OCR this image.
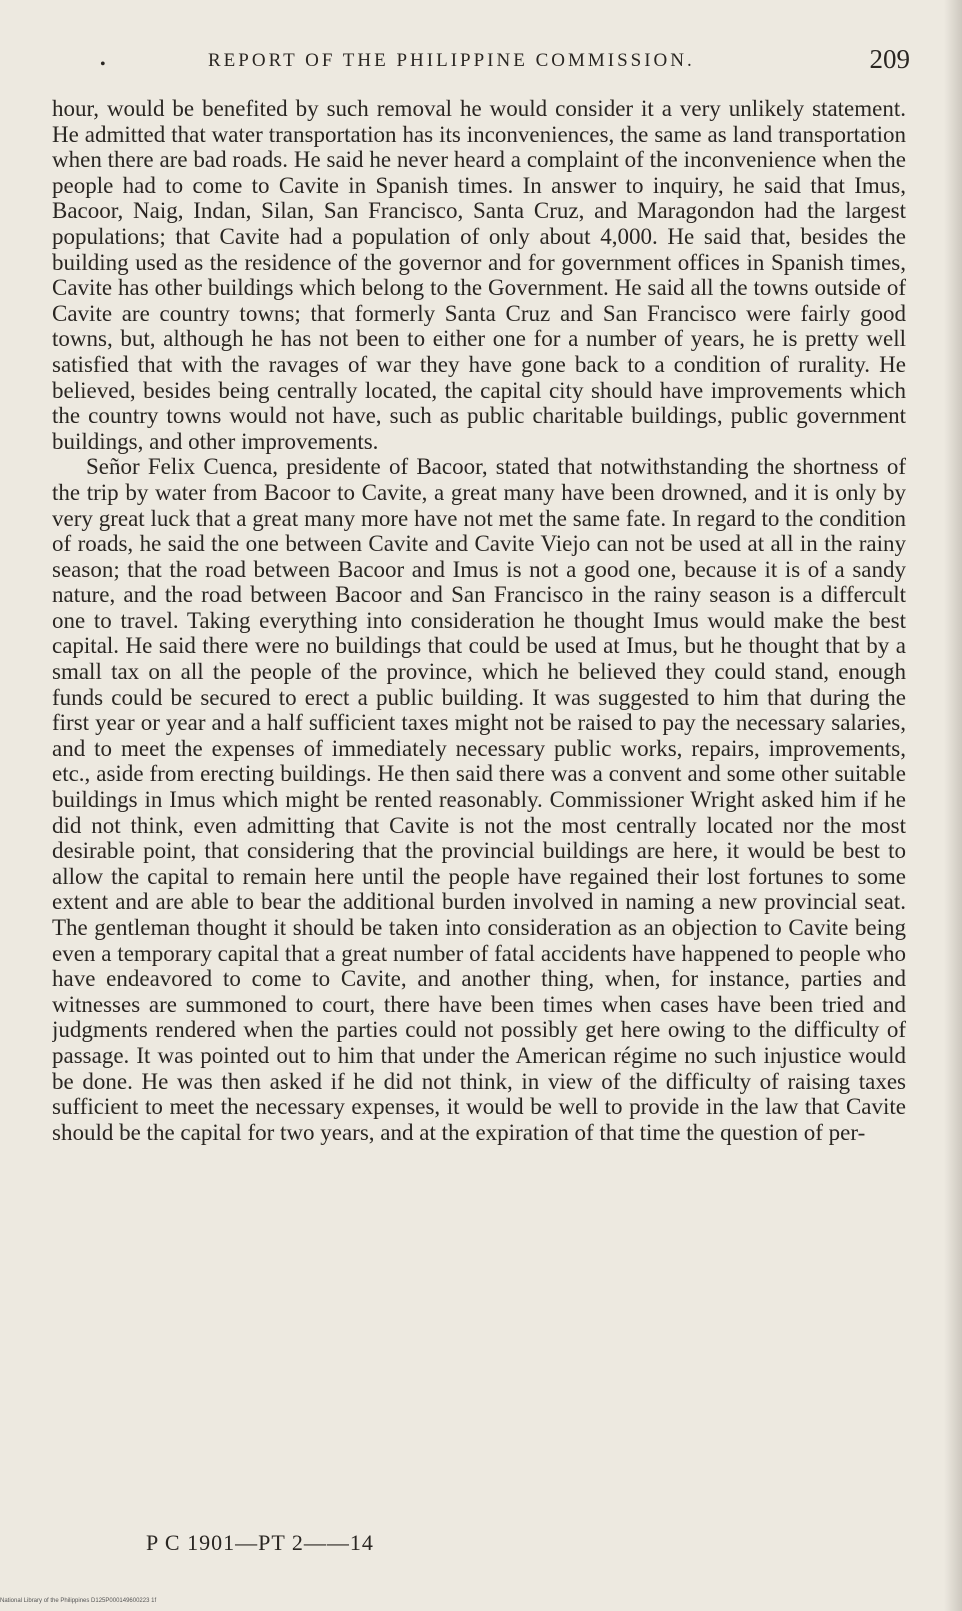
•	REPORT OF THE PHILIPPINE COMMISSION.	209

hour, would be benefited by such removal he would consider it a very unlikely statement. He admitted that water transportation has its inconveniences, the same as land transportation when there are bad roads. He said he never heard a complaint of the inconvenience when the people had to come to Cavite in Spanish times. In answer to inquiry, he said that Imus, Bacoor, Naig, Indan, Silan, San Francisco, Santa Cruz, and Maragondon had the largest populations; that Cavite had a population of only about 4,000. He said that, besides the building used as the residence of the governor and for government offices in Spanish times, Cavite has other buildings which belong to the Government. He said all the towns outside of Cavite are country towns; that formerly Santa Cruz and San Francisco were fairly good towns, but, although he has not been to either one for a number of years, he is pretty well satisfied that with the ravages of war they have gone back to a condition of rurality. He believed, besides being centrally located, the capital city should have improvements which the country towns would not have, such as public charitable buildings, public government buildings, and other improvements.

Señor Felix Cuenca, presidente of Bacoor, stated that notwithstanding the shortness of the trip by water from Bacoor to Cavite, a great many have been drowned, and it is only by very great luck that a great many more have not met the same fate. In regard to the condition of roads, he said the one between Cavite and Cavite Viejo can not be used at all in the rainy season; that the road between Bacoor and Imus is not a good one, because it is of a sandy nature, and the road between Bacoor and San Francisco in the rainy season is a differcult one to travel. Taking everything into consideration he thought Imus would make the best capital. He said there were no buildings that could be used at Imus, but he thought that by a small tax on all the people of the province, which he believed they could stand, enough funds could be secured to erect a public building. It was suggested to him that during the first year or year and a half sufficient taxes might not be raised to pay the necessary salaries, and to meet the expenses of immediately necessary public works, repairs, improvements, etc., aside from erecting buildings. He then said there was a convent and some other suitable buildings in Imus which might be rented reasonably. Commissioner Wright asked him if he did not think, even admitting that Cavite is not the most centrally located nor the most desirable point, that considering that the provincial buildings are here, it would be best to allow the capital to remain here until the people have regained their lost fortunes to some extent and are able to bear the additional burden involved in naming a new provincial seat. The gentleman thought it should be taken into consideration as an objection to Cavite being even a temporary capital that a great number of fatal accidents have happened to people who have endeavored to come to Cavite, and another thing, when, for instance, parties and witnesses are summoned to court, there have been times when cases have been tried and judgments rendered when the parties could not possibly get here owing to the difficulty of passage. It was pointed out to him that under the American régime no such injustice would be done. He was then asked if he did not think, in view of the difficulty of raising taxes sufficient to meet the necessary expenses, it would be well to provide in the law that Cavite should be the capital for two years, and at the expiration of that time the question of per-

P C 1901—PT 2——14
National Library of the Philippines D125P000149600223 1f
